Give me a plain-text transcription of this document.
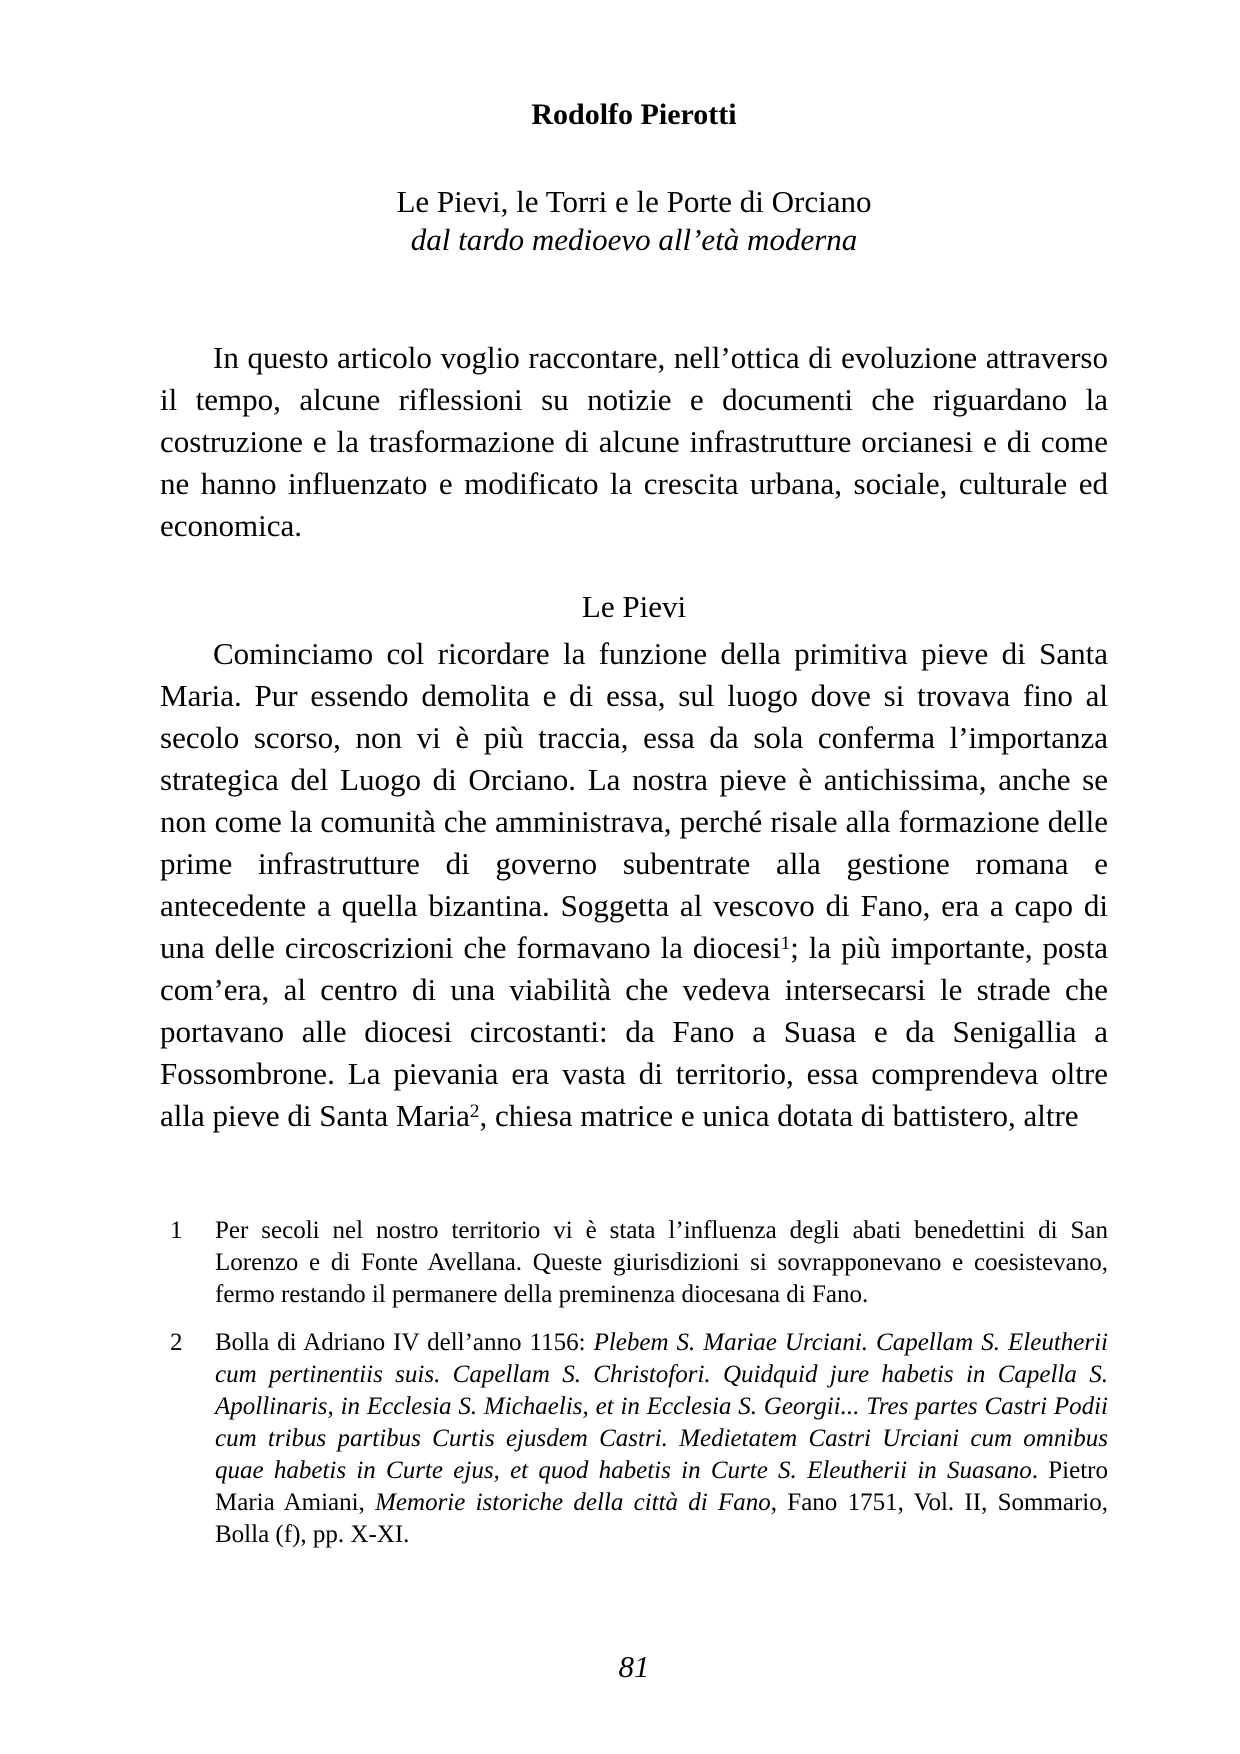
Rodolfo Pierotti
Le Pievi, le Torri e le Porte di Orciano
dal tardo medioevo all’età moderna

In questo articolo voglio raccontare, nell’ottica di evoluzione attraverso il tempo, alcune riflessioni su notizie e documenti che riguardano la costruzione e la trasformazione di alcune infrastrutture orcianesi e di come ne hanno influenzato e modificato la crescita urbana, sociale, culturale ed economica.

Le Pievi

Cominciamo col ricordare la funzione della primitiva pieve di Santa Maria. Pur essendo demolita e di essa, sul luogo dove si trovava fino al secolo scorso, non vi è più traccia, essa da sola conferma l’importanza strategica del Luogo di Orciano. La nostra pieve è antichissima, anche se non come la comunità che amministrava, perché risale alla formazione delle prime infrastrutture di governo subentrate alla gestione romana e antecedente a quella bizantina. Soggetta al vescovo di Fano, era a capo di una delle circoscrizioni che formavano la diocesi$^1$; la più importante, posta com’era, al centro di una viabilità che vedeva intersecarsi le strade che portavano alle diocesi circostanti: da Fano a Suasa e da Senigallia a Fossombrone. La pievania era vasta di territorio, essa comprendeva oltre alla pieve di Santa Maria$^2$, chiesa matrice e unica dotata di battistero, altre

1	Per secoli nel nostro territorio vi è stata l’influenza degli abati benedettini di San Lorenzo e di Fonte Avellana. Queste giurisdizioni si sovrapponevano e coesistevano, fermo restando il permanere della preminenza diocesana di Fano.
2	Bolla di Adriano IV dell’anno 1156: Plebem S. Mariae Urciani. Capellam S. Eleutherii cum pertinentiis suis. Capellam S. Christofori. Quidquid jure habetis in Capella S. Apollinaris, in Ecclesia S. Michaelis, et in Ecclesia S. Georgii... Tres partes Castri Podii cum tribus partibus Curtis ejusdem Castri. Medietatem Castri Urciani cum omnibus quae habetis in Curte ejus, et quod habetis in Curte S. Eleutherii in Suasano. Pietro Maria Amiani, Memorie istoriche della città di Fano, Fano 1751, Vol. II, Sommario, Bolla (f), pp. X-XI.
81
